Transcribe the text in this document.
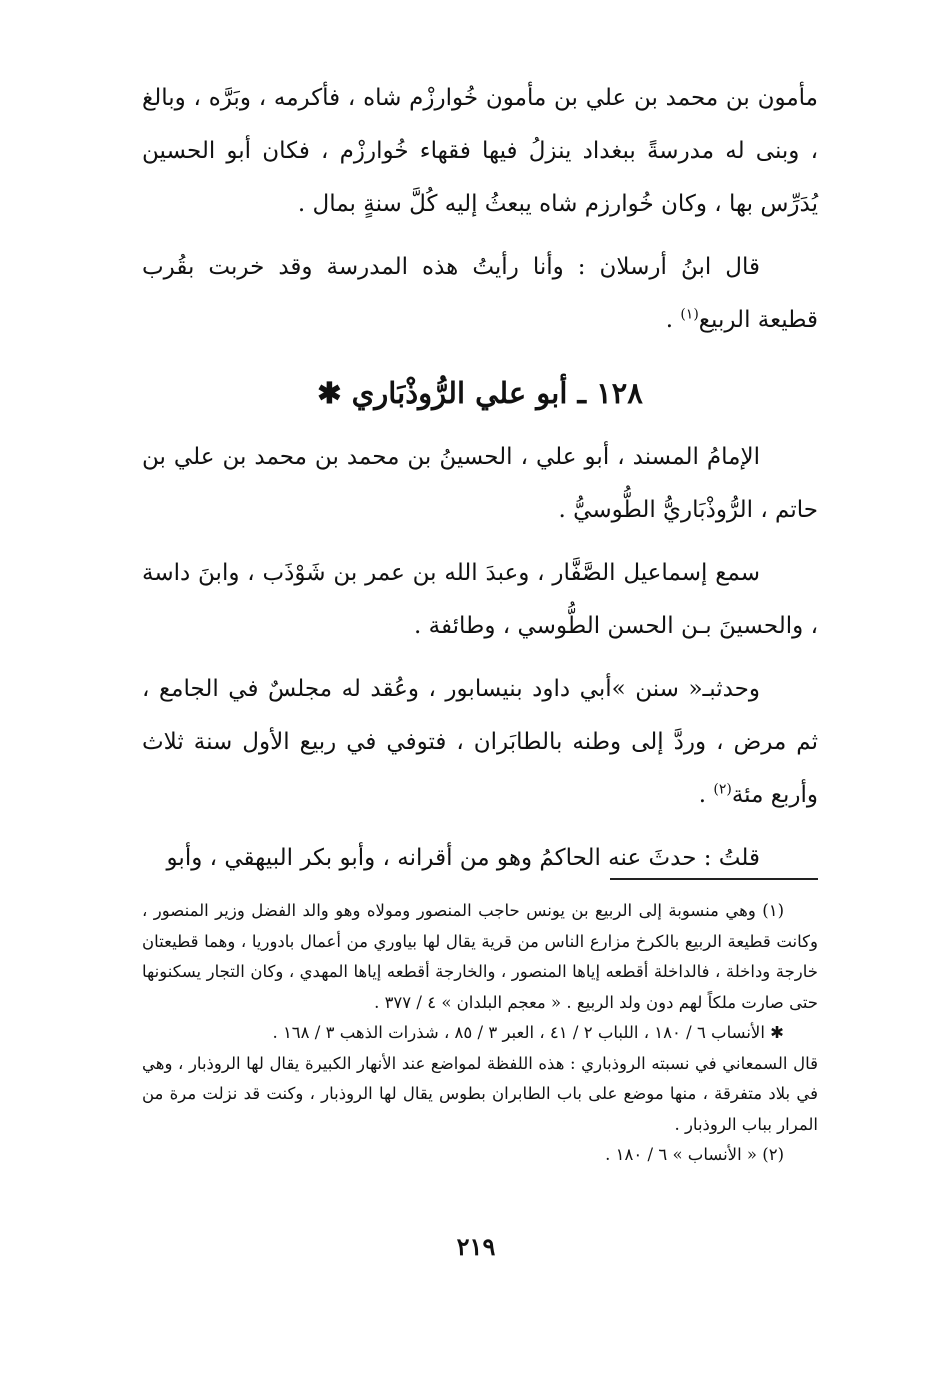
مأمون بن محمد بن علي بن مأمون خُوارزْم شاه ، فأكرمه ، وبَرَّه ، وبالغ ، وبنى له مدرسةً ببغداد ينزلُ فيها فقهاء خُوارزْم ، فكان أبو الحسين يُدَرِّس بها ، وكان خُوارزم شاه يبعثُ إليه كُلَّ سنةٍ بمال .

قال ابنُ أرسلان : وأنا رأيتُ هذه المدرسة وقد خربت بقُرب قطيعة الربيع$^{(١)}$ .

١٢٨ ـ أبو علي الرُّوذْبَاري ✱

الإمامُ المسند ، أبو علي ، الحسينُ بن محمد بن محمد بن علي بن حاتم ، الرُّوذْبَاريُّ الطُّوسيُّ .

سمع إسماعيل الصَّفَّار ، وعبدَ الله بن عمر بن شَوْذَب ، وابنَ داسة ، والحسينَ بـن الحسن الطُّوسي ، وطائفة .

وحدثبـ« سنن »أبي داود بنيسابور ، وعُقد له مجلسٌ في الجامع ، ثم مرض ، وردَّ إلى وطنه بالطابَران ، فتوفي في ربيع الأول سنة ثلاث وأربع مئة$^{(٢)}$ .

قلتُ : حدثَ عنه الحاكمُ وهو من أقرانه ، وأبو بكر البيهقي ، وأبو

(١) وهي منسوبة إلى الربيع بن يونس حاجب المنصور ومولاه وهو والد الفضل وزير المنصور ، وكانت قطيعة الربيع بالكرخ مزارع الناس من قرية يقال لها بياوري من أعمال بادوريا ، وهما قطيعتان خارجة وداخلة ، فالداخلة أقطعه إياها المنصور ، والخارجة أقطعه إياها المهدي ، وكان التجار يسكنونها حتى صارت ملكاً لهم دون ولد الربيع . « معجم البلدان » ٤ / ٣٧٧ .

✱ الأنساب ٦ / ١٨٠ ، اللباب ٢ / ٤١ ، العبر ٣ / ٨٥ ، شذرات الذهب ٣ / ١٦٨ .

قال السمعاني في نسبته الروذباري : هذه اللفظة لمواضع عند الأنهار الكبيرة يقال لها الروذبار ، وهي في بلاد متفرقة ، منها موضع على باب الطابران بطوس يقال لها الروذبار ، وكنت قد نزلت مرة من المرار بباب الروذبار .

(٢) « الأنساب » ٦ / ١٨٠ .

٢١٩
